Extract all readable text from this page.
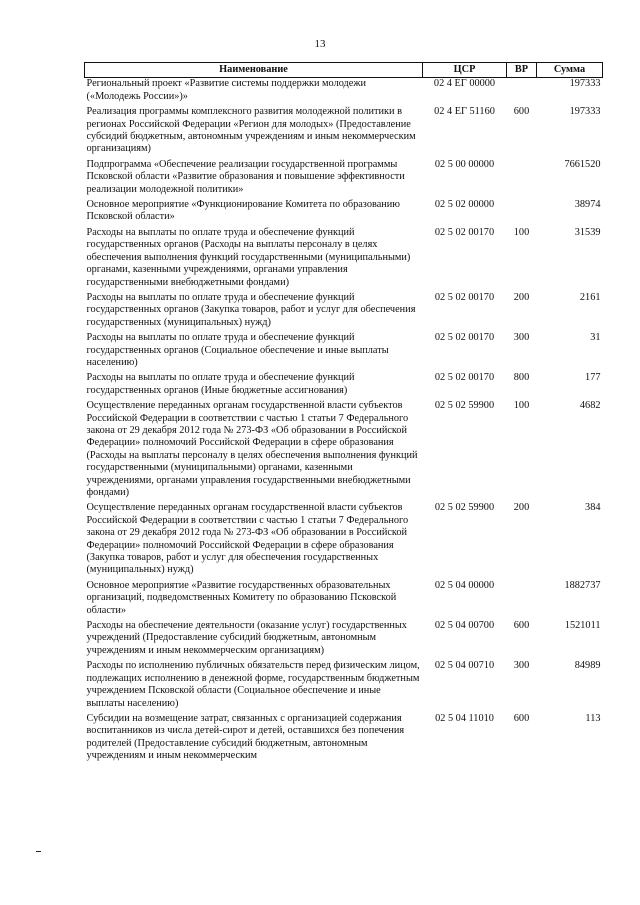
13
Наименование	ЦСР	ВР	Сумма
Региональный проект «Развитие системы поддержки молодежи («Молодежь России»)»	02 4 ЕГ 00000		197333
Реализация программы комплексного развития молодежной политики в регионах Российской Федерации «Регион для молодых» (Предоставление субсидий бюджетным, автономным учреждениям и иным некоммерческим организациям)	02 4 ЕГ 51160	600	197333
Подпрограмма «Обеспечение реализации государственной программы Псковской области «Развитие образования и повышение эффективности реализации молодежной политики»	02 5 00 00000		7661520
Основное мероприятие «Функционирование Комитета по образованию Псковской области»	02 5 02 00000		38974
Расходы на выплаты по оплате труда и обеспечение функций государственных органов (Расходы на выплаты персоналу в целях обеспечения выполнения функций государственными (муниципальными) органами, казенными учреждениями, органами управления государственными внебюджетными фондами)	02 5 02 00170	100	31539
Расходы на выплаты по оплате труда и обеспечение функций государственных органов (Закупка товаров, работ и услуг для обеспечения государственных (муниципальных) нужд)	02 5 02 00170	200	2161
Расходы на выплаты по оплате труда и обеспечение функций государственных органов (Социальное обеспечение и иные выплаты населению)	02 5 02 00170	300	31
Расходы на выплаты по оплате труда и обеспечение функций государственных органов (Иные бюджетные ассигнования)	02 5 02 00170	800	177
Осуществление переданных органам государственной власти субъектов Российской Федерации в соответствии с частью 1 статьи 7 Федерального закона от 29 декабря 2012 года № 273-ФЗ «Об образовании в Российской Федерации» полномочий Российской Федерации в сфере образования (Расходы на выплаты персоналу в целях обеспечения выполнения функций государственными (муниципальными) органами, казенными учреждениями, органами управления государственными внебюджетными фондами)	02 5 02 59900	100	4682
Осуществление переданных органам государственной власти субъектов Российской Федерации в соответствии с частью 1 статьи 7 Федерального закона от 29 декабря 2012 года № 273-ФЗ «Об образовании в Российской Федерации» полномочий Российской Федерации в сфере образования (Закупка товаров, работ и услуг для обеспечения государственных (муниципальных) нужд)	02 5 02 59900	200	384
Основное мероприятие «Развитие государственных образовательных организаций, подведомственных Комитету по образованию Псковской области»	02 5 04 00000		1882737
Расходы на обеспечение деятельности (оказание услуг) государственных учреждений (Предоставление субсидий бюджетным, автономным учреждениям и иным некоммерческим организациям)	02 5 04 00700	600	1521011
Расходы по исполнению публичных обязательств перед физическим лицом, подлежащих исполнению в денежной форме, государственным бюджетным учреждением Псковской области (Социальное обеспечение и иные выплаты населению)	02 5 04 00710	300	84989
Субсидии на возмещение затрат, связанных с организацией содержания воспитанников из числа детей-сирот и детей, оставшихся без попечения родителей (Предоставление субсидий бюджетным, автономным учреждениям и иным некоммерческим	02 5 04 11010	600	113
